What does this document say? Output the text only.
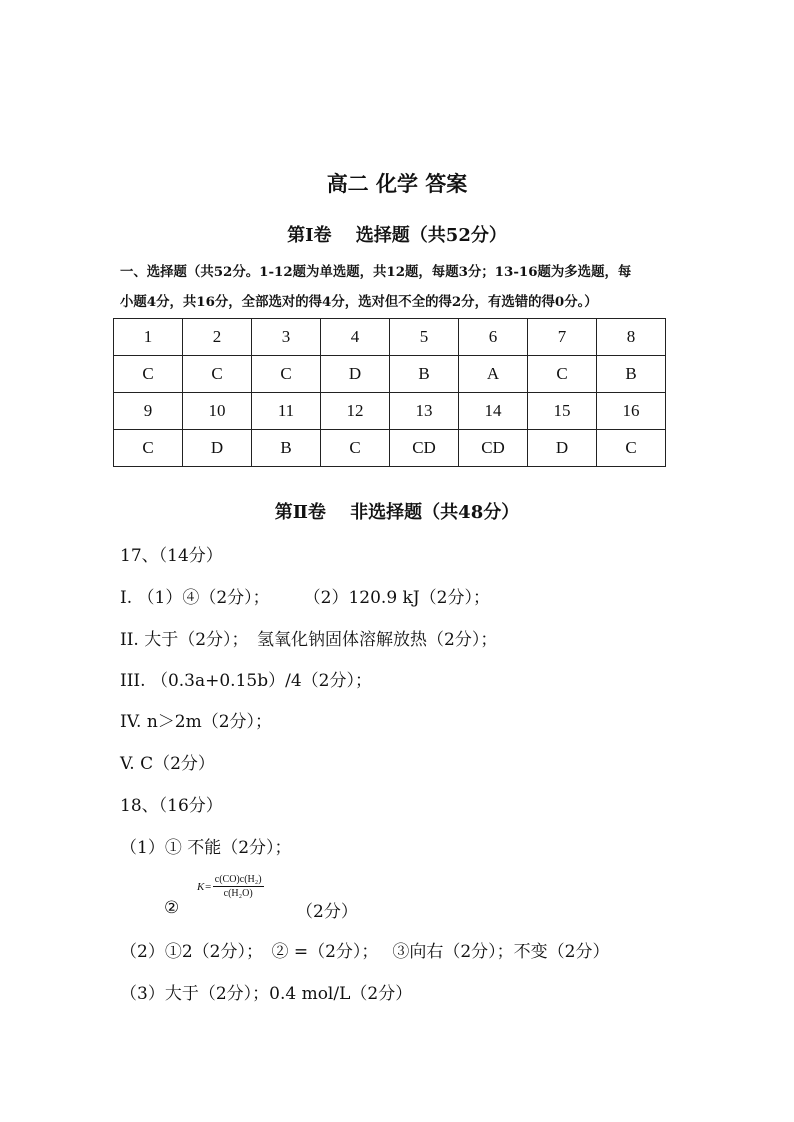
高二 化学 答案
第Ⅰ卷　 选择题（共52分）
一、选择题（共52分。1-12题为单选题，共12题，每题3分；13-16题为多选题，每
小题4分，共16分，全部选对的得4分，选对但不全的得2分，有选错的得0分。）
1	2	3	4	5	6	7	8
C	C	C	D	B	A	C	B
9	10	11	12	13	14	15	16
C	D	B	C	CD	CD	D	C
第Ⅱ卷　 非选择题（共48分）
17、（14分）
I. （1）④（2分）；　　　（2）120.9 kJ（2分）；
II. 大于（2分）；　氢氧化钠固体溶解放热（2分）；
III. （0.3a+0.15b）/4（2分）；
IV. n＞2m（2分）；
V. C（2分）
18、（16分）
（1）① 不能（2分）；
$K= \frac{\text{c(CO)c(H₂)}}{\text{c(H₂O)}}$
②	（2分）
（2）①2（2分）；　② =（2分）；　 ③向右（2分）；不变（2分）
（3）大于（2分）；0.4 mol/L（2分）
